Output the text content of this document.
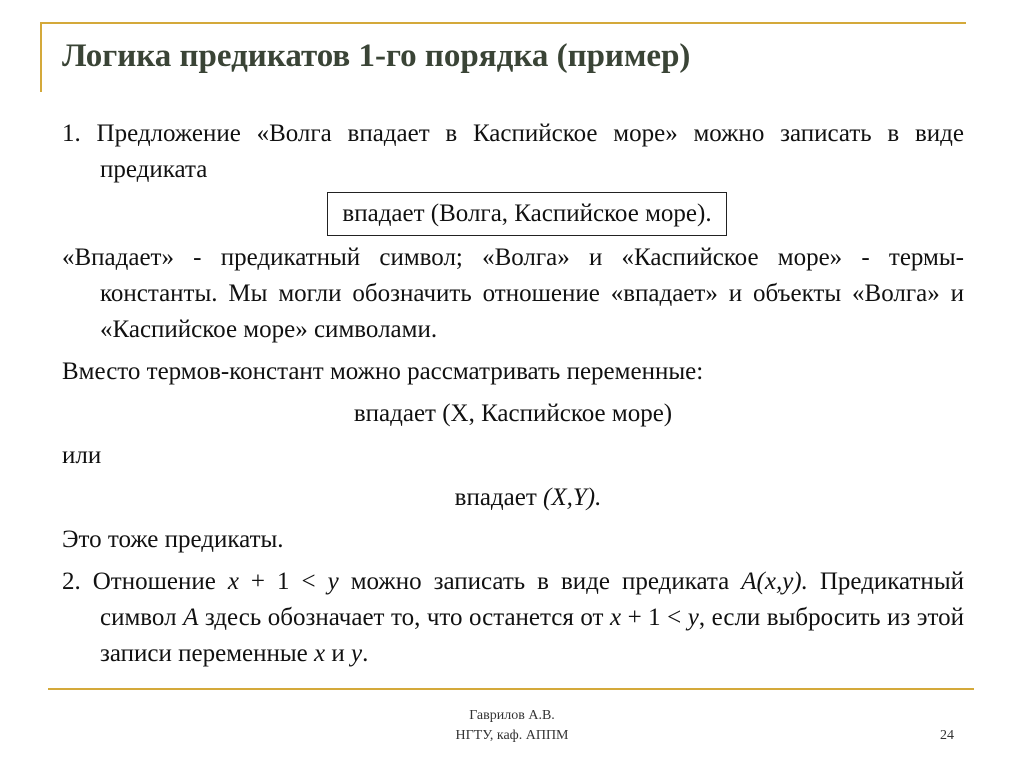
Логика предикатов 1-го порядка (пример)

1. Предложение «Волга впадает в Каспийское море» можно записать в виде предиката

впадает (Волга, Каспийское море).

«Впадает» - предикатный символ; «Волга» и «Каспийское море» - термы-константы. Мы могли обозначить отношение «впадает» и объекты «Волга» и «Каспийское море» символами.

Вместо термов-констант можно рассматривать переменные:

впадает (X, Каспийское море)

или

впадает (X,Y).

Это тоже предикаты.

2. Отношение x + 1 < y можно записать в виде предиката A(x,y). Предикатный символ A здесь обозначает то, что останется от x + 1 < y, если выбросить из этой записи переменные x и y.

Гаврилов А.В.
НГТУ, каф. АППМ	24
